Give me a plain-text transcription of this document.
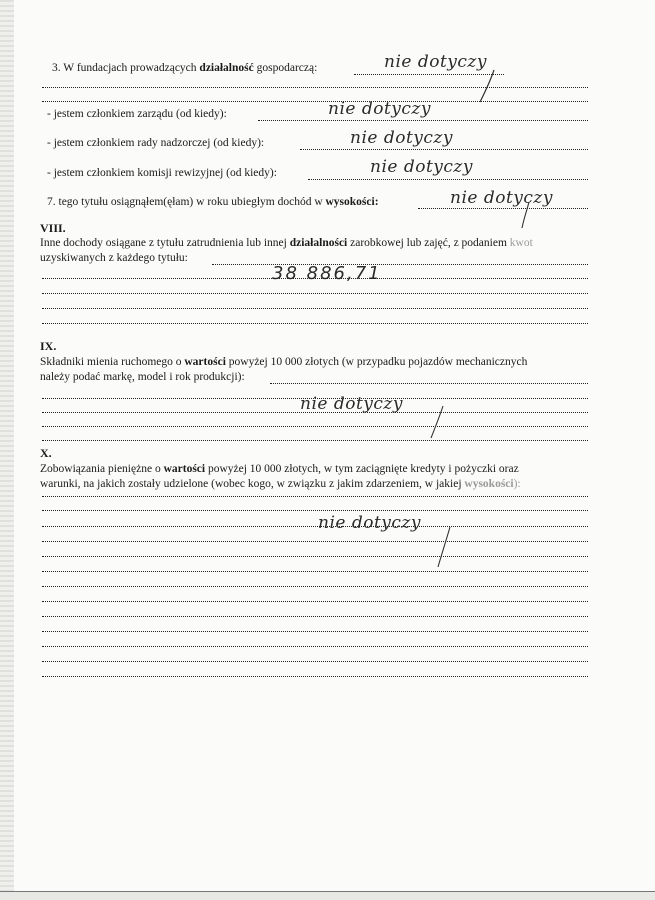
3. W fundacjach prowadzących działalność gospodarczą:	nie dotyczy
- jestem członkiem zarządu (od kiedy):	nie dotyczy
- jestem członkiem rady nadzorczej (od kiedy):	nie dotyczy
- jestem członkiem komisji rewizyjnej (od kiedy):	nie dotyczy
7. tego tytułu osiągnąłem(ęłam) w roku ubiegłym dochód w wysokości:	nie dotyczy
VIII.
Inne dochody osiągane z tytułu zatrudnienia lub innej działalności zarobkowej lub zajęć, z podaniem kwot
uzyskiwanych z każdego tytułu:
38 886,71
IX.
Składniki mienia ruchomego o wartości powyżej 10 000 złotych (w przypadku pojazdów mechanicznych
należy podać markę, model i rok produkcji):
nie dotyczy
X.
Zobowiązania pieniężne o wartości powyżej 10 000 złotych, w tym zaciągnięte kredyty i pożyczki oraz
warunki, na jakich zostały udzielone (wobec kogo, w związku z jakim zdarzeniem, w jakiej wysokości):
nie dotyczy
